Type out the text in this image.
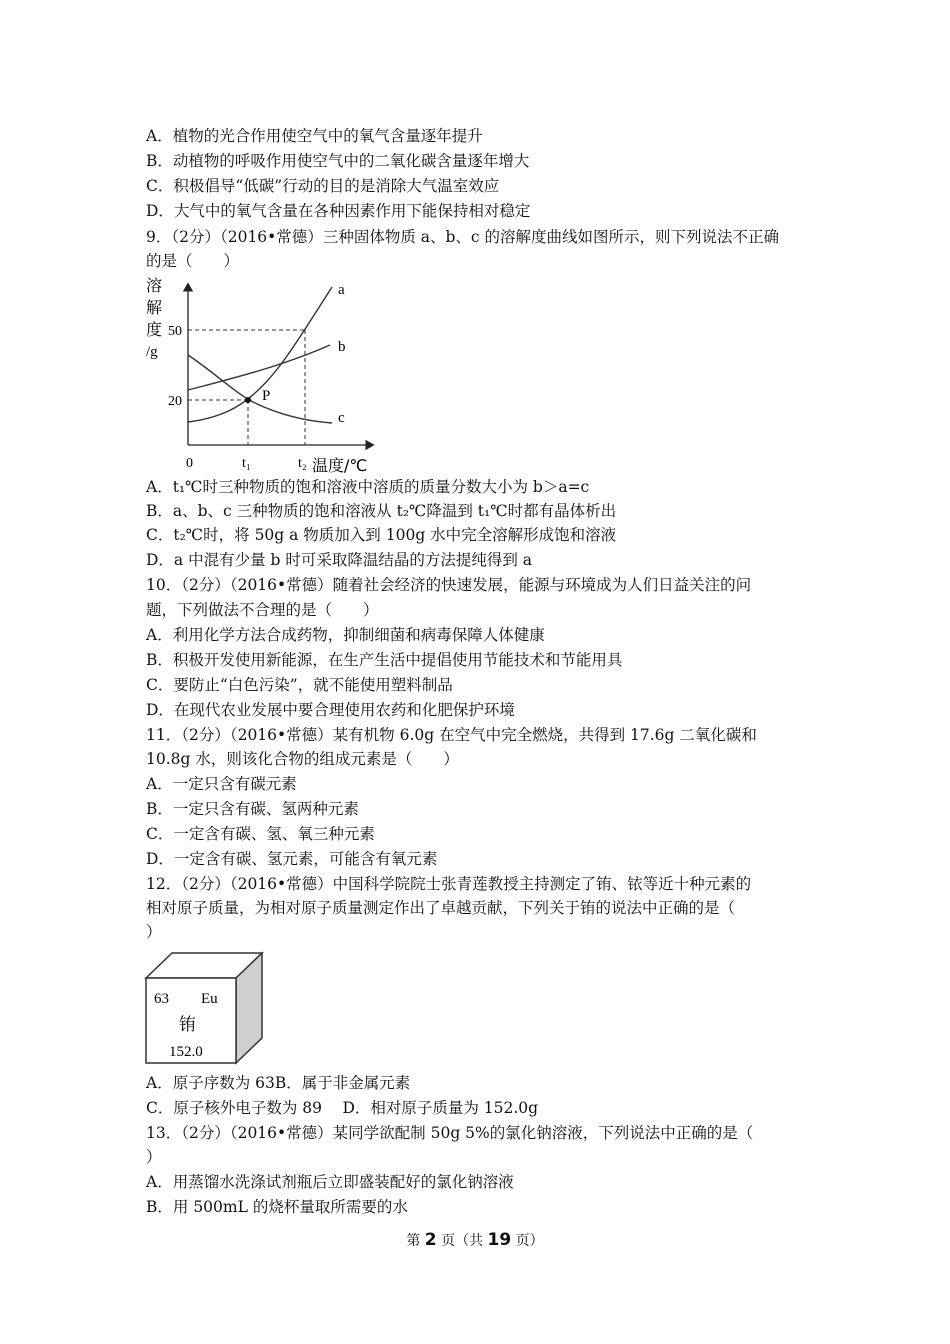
A．植物的光合作用使空气中的氧气含量逐年提升
B．动植物的呼吸作用使空气中的二氧化碳含量逐年增大
C．积极倡导“低碳”行动的目的是消除大气温室效应
D．大气中的氧气含量在各种因素作用下能保持相对稳定
9．（2分）（2016•常德）三种固体物质 a、b、c 的溶解度曲线如图所示，则下列说法不正确
的是（　　）
溶
解
度
/g
50
20
0	t₁	t₂ 温度/℃
a
b
c
P
A．t₁℃时三种物质的饱和溶液中溶质的质量分数大小为 b＞a=c
B．a、b、c 三种物质的饱和溶液从 t₂℃降温到 t₁℃时都有晶体析出
C．t₂℃时，将 50g a 物质加入到 100g 水中完全溶解形成饱和溶液
D．a 中混有少量 b 时可采取降温结晶的方法提纯得到 a
10．（2分）（2016•常德）随着社会经济的快速发展，能源与环境成为人们日益关注的问
题，下列做法不合理的是（　　）
A．利用化学方法合成药物，抑制细菌和病毒保障人体健康
B．积极开发使用新能源，在生产生活中提倡使用节能技术和节能用具
C．要防止“白色污染”，就不能使用塑料制品
D．在现代农业发展中要合理使用农药和化肥保护环境
11．（2分）（2016•常德）某有机物 6.0g 在空气中完全燃烧，共得到 17.6g 二氧化碳和
10.8g 水，则该化合物的组成元素是（　　）
A．一定只含有碳元素
B．一定只含有碳、氢两种元素
C．一定含有碳、氢、氧三种元素
D．一定含有碳、氢元素，可能含有氧元素
12．（2分）（2016•常德）中国科学院院士张青莲教授主持测定了铕、铱等近十种元素的
相对原子质量，为相对原子质量测定作出了卓越贡献，下列关于铕的说法中正确的是（
）
63 Eu
铕
152.0
A．原子序数为 63B．属于非金属元素
C．原子核外电子数为 89　 D．相对原子质量为 152.0g
13．（2分）（2016•常德）某同学欲配制 50g 5%的氯化钠溶液，下列说法中正确的是（
）
A．用蒸馏水洗涤试剂瓶后立即盛装配好的氯化钠溶液
B．用 500mL 的烧杯量取所需要的水
第 2 页（共 19 页）
